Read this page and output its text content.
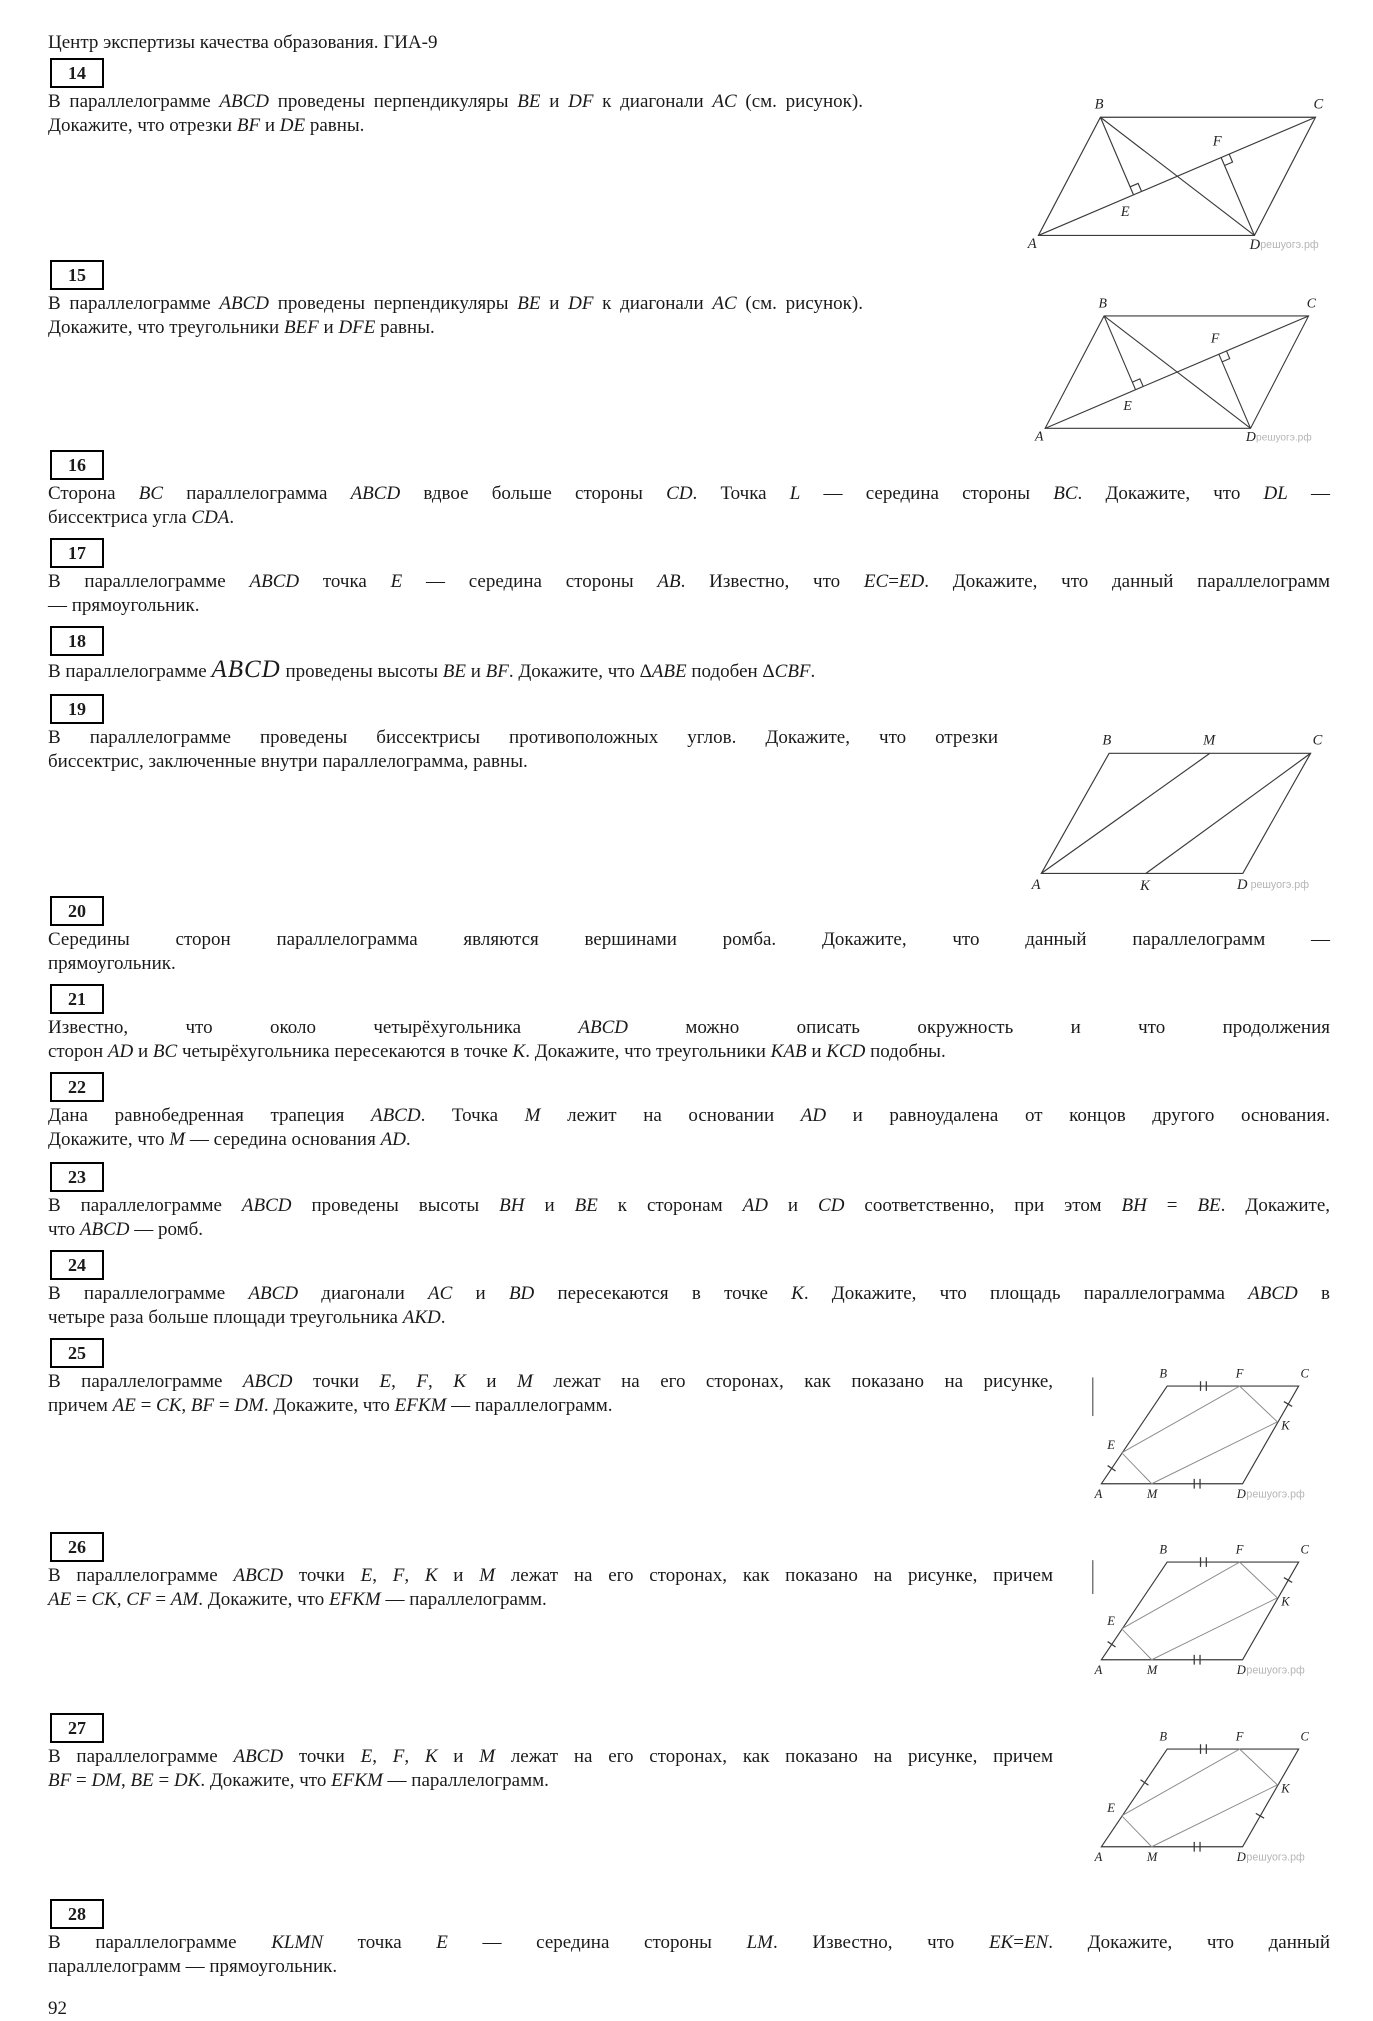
Центр экспертизы качества образования. ГИА-9
14
В параллелограмме ABCD проведены перпендикуляры BE и DF к диагонали AC (см. рисунок).
Докажите, что отрезки BF и DE равны.
A
B	C
D
E
F
решуогэ.рф
15
В параллелограмме ABCD проведены перпендикуляры BE и DF к диагонали AC (см. рисунок).
Докажите, что треугольники BEF и DFE равны.
A
B	C
D
E
F
решуогэ.рф
16
Сторона BC параллелограмма ABCD вдвое больше стороны CD. Точка L — середина стороны BC. Докажите, что DL —
биссектриса угла CDA.
17
В параллелограмме ABCD точка E — середина стороны AB. Известно, что EC=ED. Докажите, что данный параллелограмм
— прямоугольник.
18
В параллелограмме ABCD проведены высоты BE и BF. Докажите, что ΔABE подобен ΔCBF.
19
В параллелограмме проведены биссектрисы противоположных углов. Докажите, что отрезки
биссектрис, заключенные внутри параллелограмма, равны.
A
B	M	C
K	D решуогэ.рф
20
Середины сторон параллелограмма являются вершинами ромба. Докажите, что данный параллелограмм —
прямоугольник.
21
Известно, что около четырёхугольника ABCD можно описать окружность и что продолжения
сторон AD и BC четырёхугольника пересекаются в точке K. Докажите, что треугольники KAB и KCD подобны.
22
Дана равнобедренная трапеция ABCD. Точка M лежит на основании AD и равноудалена от концов другого основания.
Докажите, что M — середина основания AD.
23
В параллелограмме ABCD проведены высоты BH и BE к сторонам AD и CD соответственно, при этом BH = BE. Докажите,
что ABCD — ромб.
24
В параллелограмме ABCD диагонали AC и BD пересекаются в точке K. Докажите, что площадь параллелограмма ABCD в
четыре раза больше площади треугольника AKD.
25
В параллелограмме ABCD точки E, F, K и M лежат на его сторонах, как показано на рисунке,
причем AE = CK, BF = DM. Докажите, что EFKM — параллелограмм.
B	F	C
K
E
A	M	D решуогэ.рф
26
В параллелограмме ABCD точки E, F, K и M лежат на его сторонах, как показано на рисунке, причем
AE = CK, CF = AM. Докажите, что EFKM — параллелограмм.
B	F	C
K
E
A	M	D решуогэ.рф
27
В параллелограмме ABCD точки E, F, K и M лежат на его сторонах, как показано на рисунке, причем
BF = DM, BE = DK. Докажите, что EFKM — параллелограмм.
B	F	C
K
E
A	M	D решуогэ.рф
28
В параллелограмме KLMN точка E — середина стороны LM. Известно, что EK=EN. Докажите, что данный
параллелограмм — прямоугольник.
92
